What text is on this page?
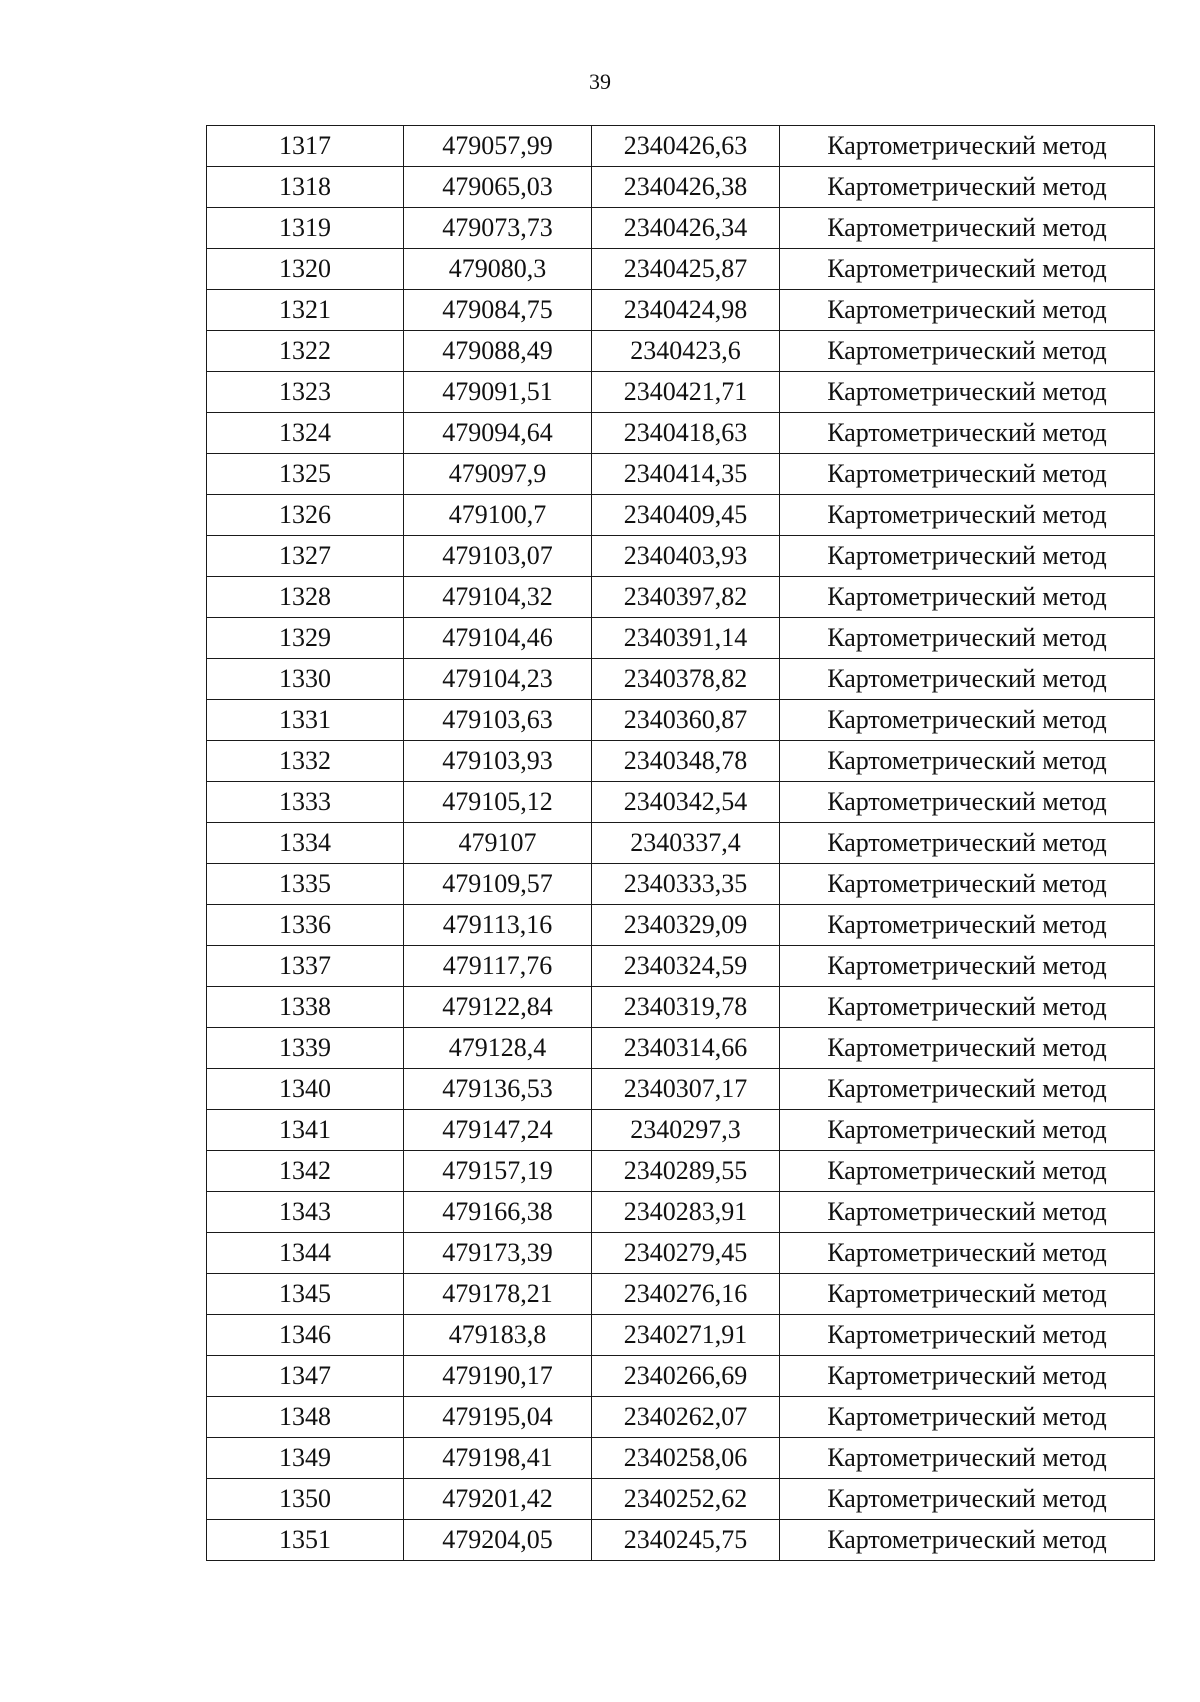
39
1317	479057,99	2340426,63	Картометрический метод
1318	479065,03	2340426,38	Картометрический метод
1319	479073,73	2340426,34	Картометрический метод
1320	479080,3	2340425,87	Картометрический метод
1321	479084,75	2340424,98	Картометрический метод
1322	479088,49	2340423,6	Картометрический метод
1323	479091,51	2340421,71	Картометрический метод
1324	479094,64	2340418,63	Картометрический метод
1325	479097,9	2340414,35	Картометрический метод
1326	479100,7	2340409,45	Картометрический метод
1327	479103,07	2340403,93	Картометрический метод
1328	479104,32	2340397,82	Картометрический метод
1329	479104,46	2340391,14	Картометрический метод
1330	479104,23	2340378,82	Картометрический метод
1331	479103,63	2340360,87	Картометрический метод
1332	479103,93	2340348,78	Картометрический метод
1333	479105,12	2340342,54	Картометрический метод
1334	479107	2340337,4	Картометрический метод
1335	479109,57	2340333,35	Картометрический метод
1336	479113,16	2340329,09	Картометрический метод
1337	479117,76	2340324,59	Картометрический метод
1338	479122,84	2340319,78	Картометрический метод
1339	479128,4	2340314,66	Картометрический метод
1340	479136,53	2340307,17	Картометрический метод
1341	479147,24	2340297,3	Картометрический метод
1342	479157,19	2340289,55	Картометрический метод
1343	479166,38	2340283,91	Картометрический метод
1344	479173,39	2340279,45	Картометрический метод
1345	479178,21	2340276,16	Картометрический метод
1346	479183,8	2340271,91	Картометрический метод
1347	479190,17	2340266,69	Картометрический метод
1348	479195,04	2340262,07	Картометрический метод
1349	479198,41	2340258,06	Картометрический метод
1350	479201,42	2340252,62	Картометрический метод
1351	479204,05	2340245,75	Картометрический метод
